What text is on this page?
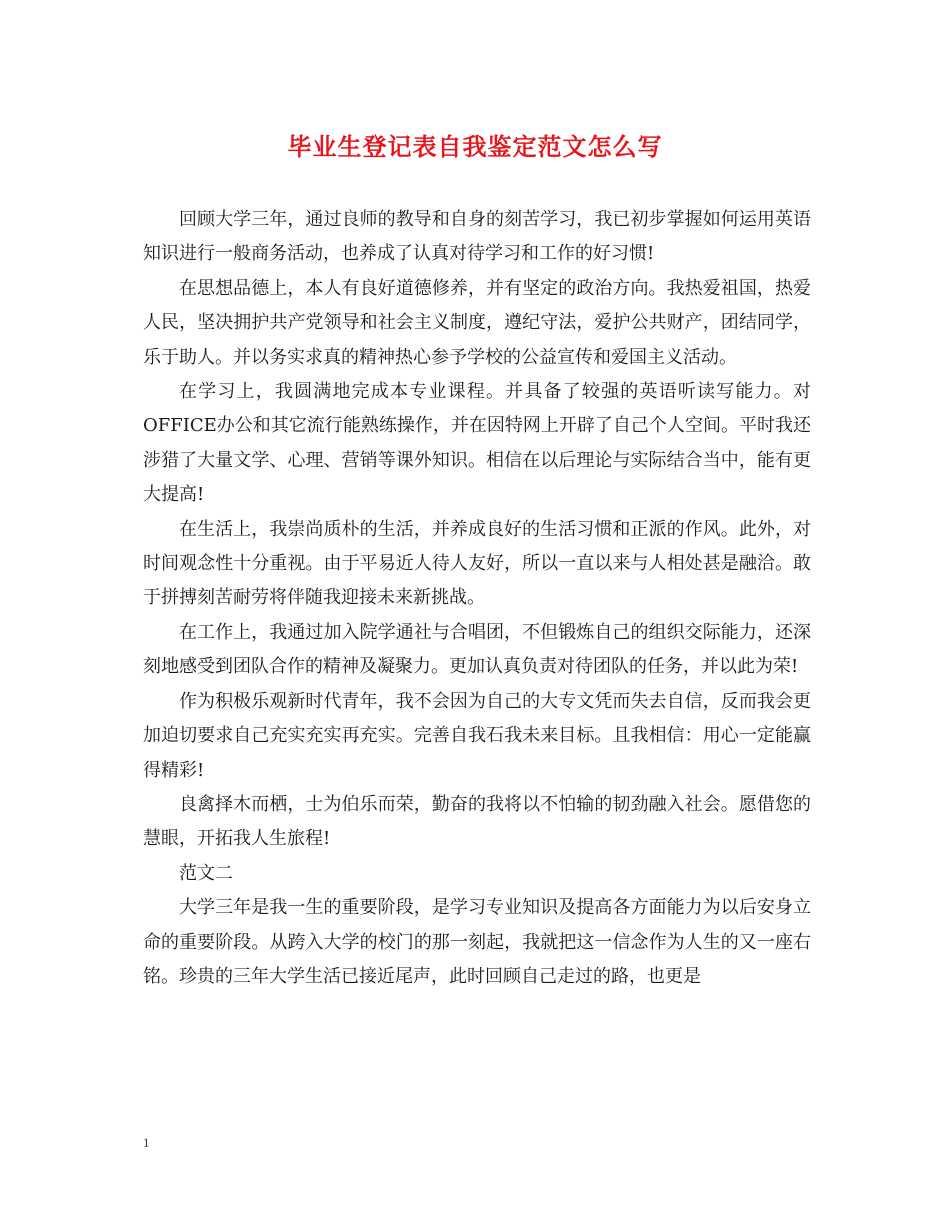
毕业生登记表自我鉴定范文怎么写

回顾大学三年，通过良师的教导和自身的刻苦学习，我已初步掌握如何运用英语知识进行一般商务活动，也养成了认真对待学习和工作的好习惯!

在思想品德上，本人有良好道德修养，并有坚定的政治方向。我热爱祖国，热爱人民，坚决拥护共产党领导和社会主义制度，遵纪守法，爱护公共财产，团结同学，乐于助人。并以务实求真的精神热心参予学校的公益宣传和爱国主义活动。

在学习上，我圆满地完成本专业课程。并具备了较强的英语听读写能力。对OFFICE办公和其它流行能熟练操作，并在因特网上开辟了自己个人空间。平时我还涉猎了大量文学、心理、营销等课外知识。相信在以后理论与实际结合当中，能有更大提高!

在生活上，我崇尚质朴的生活，并养成良好的生活习惯和正派的作风。此外，对时间观念性十分重视。由于平易近人待人友好，所以一直以来与人相处甚是融洽。敢于拼搏刻苦耐劳将伴随我迎接未来新挑战。

在工作上，我通过加入院学通社与合唱团，不但锻炼自己的组织交际能力，还深刻地感受到团队合作的精神及凝聚力。更加认真负责对待团队的任务，并以此为荣!

作为积极乐观新时代青年，我不会因为自己的大专文凭而失去自信，反而我会更加迫切要求自己充实充实再充实。完善自我石我未来目标。且我相信：用心一定能赢得精彩!

良禽择木而栖，士为伯乐而荣，勤奋的我将以不怕输的韧劲融入社会。愿借您的慧眼，开拓我人生旅程!

范文二

大学三年是我一生的重要阶段，是学习专业知识及提高各方面能力为以后安身立命的重要阶段。从跨入大学的校门的那一刻起，我就把这一信念作为人生的又一座右铭。珍贵的三年大学生活已接近尾声，此时回顾自己走过的路，也更是

1
